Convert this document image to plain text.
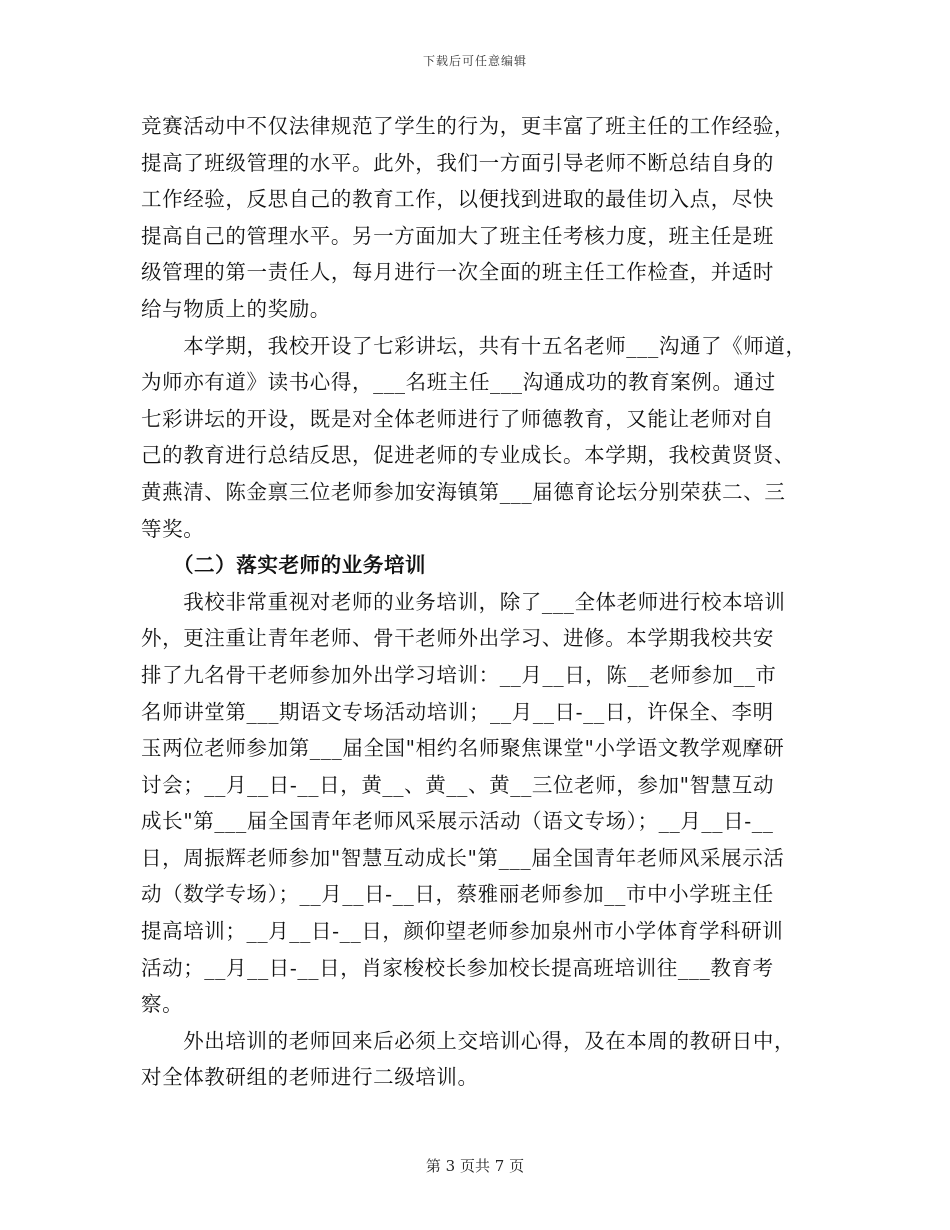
下载后可任意编辑
竞赛活动中不仅法律规范了学生的行为，更丰富了班主任的工作经验，
提高了班级管理的水平。此外，我们一方面引导老师不断总结自身的
工作经验，反思自己的教育工作，以便找到进取的最佳切入点，尽快
提高自己的管理水平。另一方面加大了班主任考核力度，班主任是班
级管理的第一责任人，每月进行一次全面的班主任工作检查，并适时
给与物质上的奖励。
　　本学期，我校开设了七彩讲坛，共有十五名老师___沟通了《师道，
为师亦有道》读书心得，___名班主任___沟通成功的教育案例。通过
七彩讲坛的开设，既是对全体老师进行了师德教育，又能让老师对自
己的教育进行总结反思，促进老师的专业成长。本学期，我校黄贤贤、
黄燕清、陈金禀三位老师参加安海镇第___届德育论坛分别荣获二、三
等奖。
　　（二）落实老师的业务培训
　　我校非常重视对老师的业务培训，除了___全体老师进行校本培训
外，更注重让青年老师、骨干老师外出学习、进修。本学期我校共安
排了九名骨干老师参加外出学习培训：__月__日，陈__老师参加__市
名师讲堂第___期语文专场活动培训；__月__日-__日，许保全、李明
玉两位老师参加第___届全国"相约名师聚焦课堂"小学语文教学观摩研
讨会；__月__日-__日，黄__、黄__、黄__三位老师，参加"智慧互动
成长"第___届全国青年老师风采展示活动（语文专场）；__月__日-__
日，周振辉老师参加"智慧互动成长"第___届全国青年老师风采展示活
动（数学专场）；__月__日-__日，蔡雅丽老师参加__市中小学班主任
提高培训；__月__日-__日，颜仰望老师参加泉州市小学体育学科研训
活动；__月__日-__日，肖家梭校长参加校长提高班培训往___教育考
察。
　　外出培训的老师回来后必须上交培训心得，及在本周的教研日中，
对全体教研组的老师进行二级培训。
第 3 页共 7 页
